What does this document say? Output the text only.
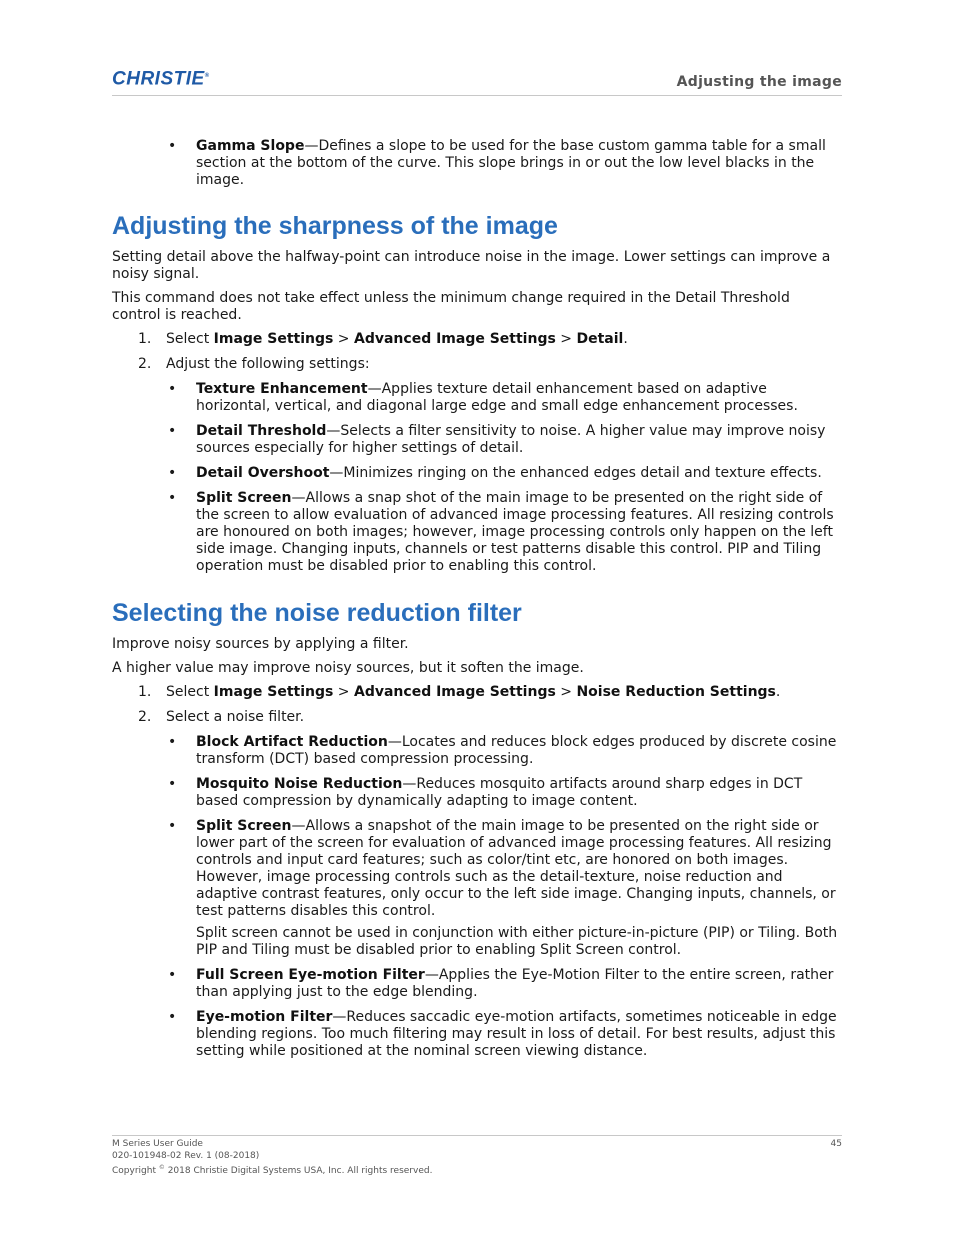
CHRISTIE®	Adjusting the image
• Gamma Slope—Defines a slope to be used for the base custom gamma table for a small section at the bottom of the curve. This slope brings in or out the low level blacks in the image.
Adjusting the sharpness of the image

Setting detail above the halfway-point can introduce noise in the image. Lower settings can improve a noisy signal.

This command does not take effect unless the minimum change required in the Detail Threshold control is reached.

1. Select Image Settings > Advanced Image Settings > Detail.
2. Adjust the following settings:
• Texture Enhancement—Applies texture detail enhancement based on adaptive horizontal, vertical, and diagonal large edge and small edge enhancement processes.
• Detail Threshold—Selects a filter sensitivity to noise. A higher value may improve noisy sources especially for higher settings of detail.
• Detail Overshoot—Minimizes ringing on the enhanced edges detail and texture effects.
• Split Screen—Allows a snap shot of the main image to be presented on the right side of the screen to allow evaluation of advanced image processing features. All resizing controls are honoured on both images; however, image processing controls only happen on the left side image. Changing inputs, channels or test patterns disable this control. PIP and Tiling operation must be disabled prior to enabling this control.
Selecting the noise reduction filter

Improve noisy sources by applying a filter.

A higher value may improve noisy sources, but it soften the image.

1. Select Image Settings > Advanced Image Settings > Noise Reduction Settings.
2. Select a noise filter.
• Block Artifact Reduction—Locates and reduces block edges produced by discrete cosine transform (DCT) based compression processing.
• Mosquito Noise Reduction—Reduces mosquito artifacts around sharp edges in DCT based compression by dynamically adapting to image content.
• Split Screen—Allows a snapshot of the main image to be presented on the right side or lower part of the screen for evaluation of advanced image processing features. All resizing controls and input card features; such as color/tint etc, are honored on both images. However, image processing controls such as the detail-texture, noise reduction and adaptive contrast features, only occur to the left side image. Changing inputs, channels, or test patterns disables this control.
Split screen cannot be used in conjunction with either picture-in-picture (PIP) or Tiling. Both PIP and Tiling must be disabled prior to enabling Split Screen control.
• Full Screen Eye-motion Filter—Applies the Eye-Motion Filter to the entire screen, rather than applying just to the edge blending.
• Eye-motion Filter—Reduces saccadic eye-motion artifacts, sometimes noticeable in edge blending regions. Too much filtering may result in loss of detail. For best results, adjust this setting while positioned at the nominal screen viewing distance.
M Series User Guide
020-101948-02 Rev. 1 (08-2018)
Copyright © 2018 Christie Digital Systems USA, Inc. All rights reserved.
45
